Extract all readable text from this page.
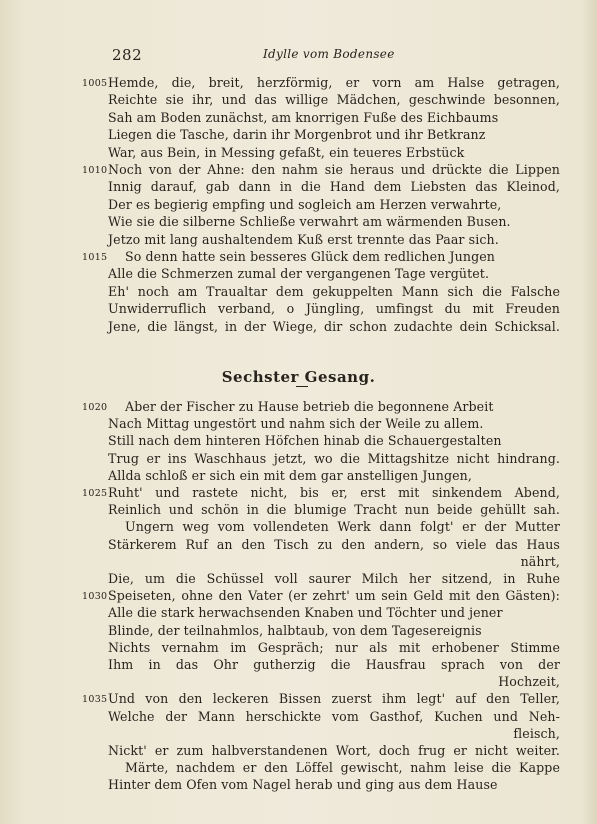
282	Idylle vom Bodensee
Hemde, die, breit, herzförmig, er vorn am Halse getragen,
Reichte sie ihr, und das willige Mädchen, geschwinde besonnen,
Sah am Boden zunächst, am knorrigen Fuße des Eichbaums
Liegen die Tasche, darin ihr Morgenbrot und ihr Betkranz
War, aus Bein, in Messing gefaßt, ein teueres Erbstück
Noch von der Ahne: den nahm sie heraus und drückte die Lippen
Innig darauf, gab dann in die Hand dem Liebsten das Kleinod,
Der es begierig empfing und sogleich am Herzen verwahrte,
Wie sie die silberne Schließe verwahrt am wärmenden Busen.
Jetzo mit lang aushaltendem Kuß erst trennte das Paar sich.
So denn hatte sein besseres Glück dem redlichen Jungen
Alle die Schmerzen zumal der vergangenen Tage vergütet.
Eh' noch am Traualtar dem gekuppelten Mann sich die Falsche
Unwiderruflich verband, o Jüngling, umfingst du mit Freuden
Jene, die längst, in der Wiege, dir schon zudachte dein Schicksal.
1005
1010
1015
Sechster Gesang.
Aber der Fischer zu Hause betrieb die begonnene Arbeit
Nach Mittag ungestört und nahm sich der Weile zu allem.
Still nach dem hinteren Höfchen hinab die Schauergestalten
Trug er ins Waschhaus jetzt, wo die Mittagshitze nicht hindrang.
Allda schloß er sich ein mit dem gar anstelligen Jungen,
Ruht' und rastete nicht, bis er, erst mit sinkendem Abend,
Reinlich und schön in die blumige Tracht nun beide gehüllt sah.
Ungern weg vom vollendeten Werk dann folgt' er der Mutter
Stärkerem Ruf an den Tisch zu den andern, so viele das Haus
nährt,
Die, um die Schüssel voll saurer Milch her sitzend, in Ruhe
Speiseten, ohne den Vater (er zehrt' um sein Geld mit den Gästen):
Alle die stark herwachsenden Knaben und Töchter und jener
Blinde, der teilnahmlos, halbtaub, von dem Tagesereignis
Nichts vernahm im Gespräch; nur als mit erhobener Stimme
Ihm in das Ohr gutherzig die Hausfrau sprach von der
Hochzeit,
Und von den leckeren Bissen zuerst ihm legt' auf den Teller,
Welche der Mann herschickte vom Gasthof, Kuchen und Neh-
fleisch,
Nickt' er zum halbverstandenen Wort, doch frug er nicht weiter.
Märte, nachdem er den Löffel gewischt, nahm leise die Kappe
Hinter dem Ofen vom Nagel herab und ging aus dem Hause
1020
1025
1030
1035
